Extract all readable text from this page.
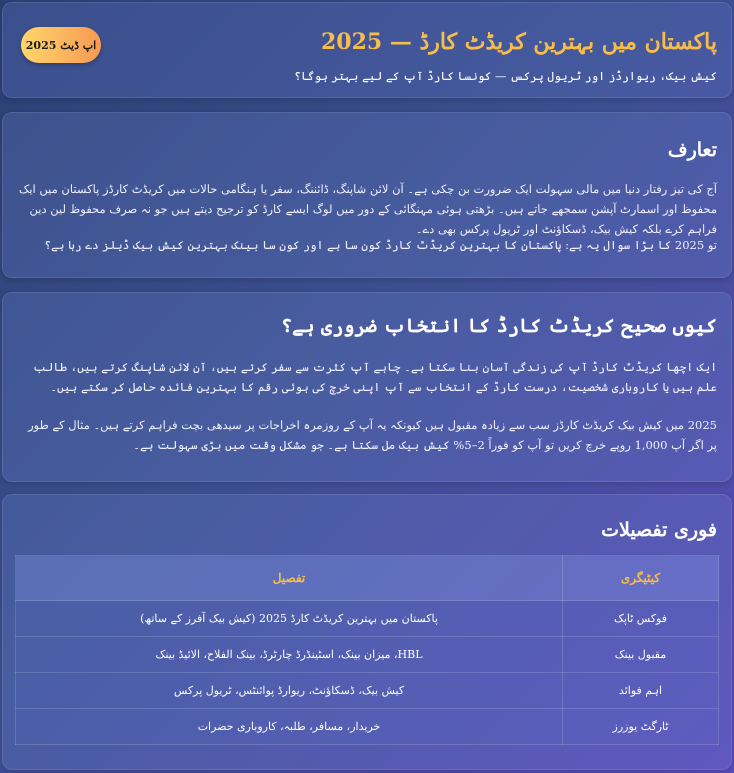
پاکستان میں بہترین کریڈٹ کارڈ — 2025
کیش بیک، ریوارڈز اور ٹریول پرکس — کونسا کارڈ آپ کے لیے بہتر ہوگا؟
اپ ڈیٹ 2025
تعارف

آج کی تیز رفتار دنیا میں مالی سہولت ایک ضرورت بن چکی ہے۔ آن لائن شاپنگ، ڈائننگ، سفر یا ہنگامی حالات میں کریڈٹ کارڈز پاکستان میں ایک محفوظ اور اسمارٹ آپشن سمجھے جاتے ہیں۔ بڑھتی ہوئی مہنگائی کے دور میں لوگ ایسے کارڈ کو ترجیح دیتے ہیں جو نہ صرف محفوظ لین دین فراہم کرے بلکہ کیش بیک، ڈسکاؤنٹ اور ٹریول پرکس بھی دے۔

تو 2025 کا بڑا سوال یہ ہے: پاکستان کا بہترین کریڈٹ کارڈ کون سا ہے اور کون سا بینک بہترین کیش بیک ڈیلز دے رہا ہے؟

کیوں صحیح کریڈٹ کارڈ کا انتخاب ضروری ہے؟

ایک اچھا کریڈٹ کارڈ آپ کی زندگی آسان بنا سکتا ہے۔ چاہے آپ کثرت سے سفر کرتے ہیں، آن لائن شاپنگ کرتے ہیں، طالب علم ہیں یا کاروباری شخصیت، درست کارڈ کے انتخاب سے آپ اپنی خرچ کی ہوئی رقم کا بہترین فائدہ حاصل کر سکتے ہیں۔

2025 میں کیش بیک کریڈٹ کارڈز سب سے زیادہ مقبول ہیں کیونکہ یہ آپ کے روزمرہ اخراجات پر سیدھی بچت فراہم کرتے ہیں۔ مثال کے طور پر اگر آپ 1,000 روپے خرچ کریں تو آپ کو فوراً 2–5% کیش بیک مل سکتا ہے۔ جو مشکل وقت میں بڑی سہولت ہے۔

فوری تفصیلات
کیٹیگری	تفصیل
فوکس ٹاپک	پاکستان میں بہترین کریڈٹ کارڈ 2025 (کیش بیک آفرز کے ساتھ)
مقبول بینک	HBL، میزان بینک، اسٹینڈرڈ چارٹرڈ، بینک الفلاح، الائیڈ بینک
اہم فوائد	کیش بیک، ڈسکاؤنٹ، ریوارڈ پوائنٹس، ٹریول پرکس
ٹارگٹ یوزرز	خریدار، مسافر، طلبہ، کاروباری حضرات
